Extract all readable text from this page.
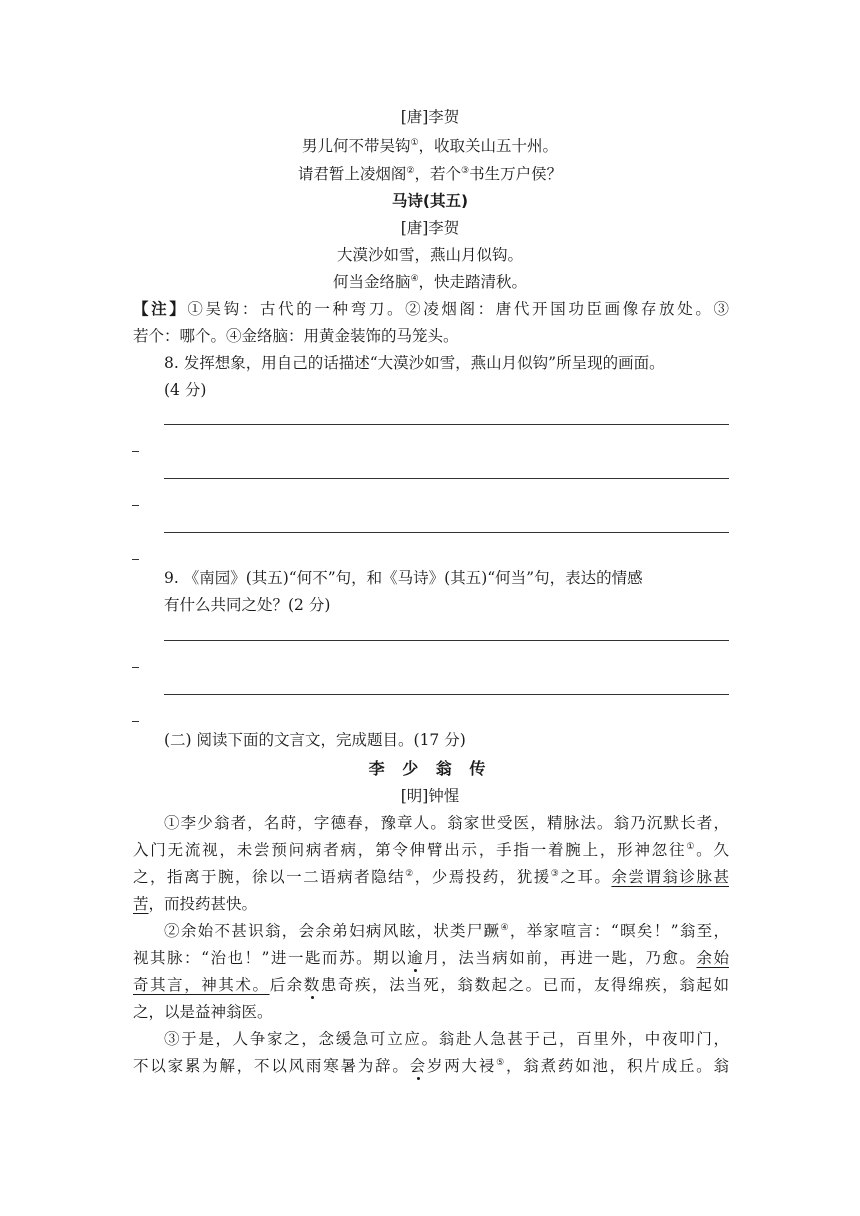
[唐]李贺
男儿何不带吴钩①，收取关山五十州。
请君暂上凌烟阁②，若个③书生万户侯？
马诗(其五)
[唐]李贺
大漠沙如雪，燕山月似钩。
何当金络脑④，快走踏清秋。
【注】①吴钩：古代的一种弯刀。②凌烟阁：唐代开国功臣画像存放处。③
若个：哪个。④金络脑：用黄金装饰的马笼头。
8. 发挥想象，用自己的话描述“大漠沙如雪，燕山月似钩”所呈现的画面。
(4 分)
9. 《南园》(其五)“何不”句，和《马诗》(其五)“何当”句，表达的情感
有什么共同之处？(2 分)
(二) 阅读下面的文言文，完成题目。(17 分)
李 少 翁 传
[明]钟惺
①李少翁者，名莳，字德春，豫章人。翁家世受医，精脉法。翁乃沉默长者，
入门无流视，未尝预问病者病，第令伸臂出示，手指一着腕上，形神忽往①。久
之，指离于腕，徐以一二语病者隐结②，少焉投药，犹援③之耳。余尝谓翁诊脉甚
苦，而投药甚快。
②余始不甚识翁，会余弟妇病风眩，状类尸蹶④，举家喧言：“暝矣！”翁至，
视其脉：“治也！”进一匙而苏。期以逾月，法当病如前，再进一匙，乃愈。余始
奇其言，神其术。后余数患奇疾，法当死，翁数起之。已而，友得绵疾，翁起如
之，以是益神翁医。
③于是，人争家之，念缓急可立应。翁赴人急甚于己，百里外，中夜叩门，
不以家累为解，不以风雨寒暑为辞。会岁两大祲⑤，翁煮药如池，积片成丘。翁
